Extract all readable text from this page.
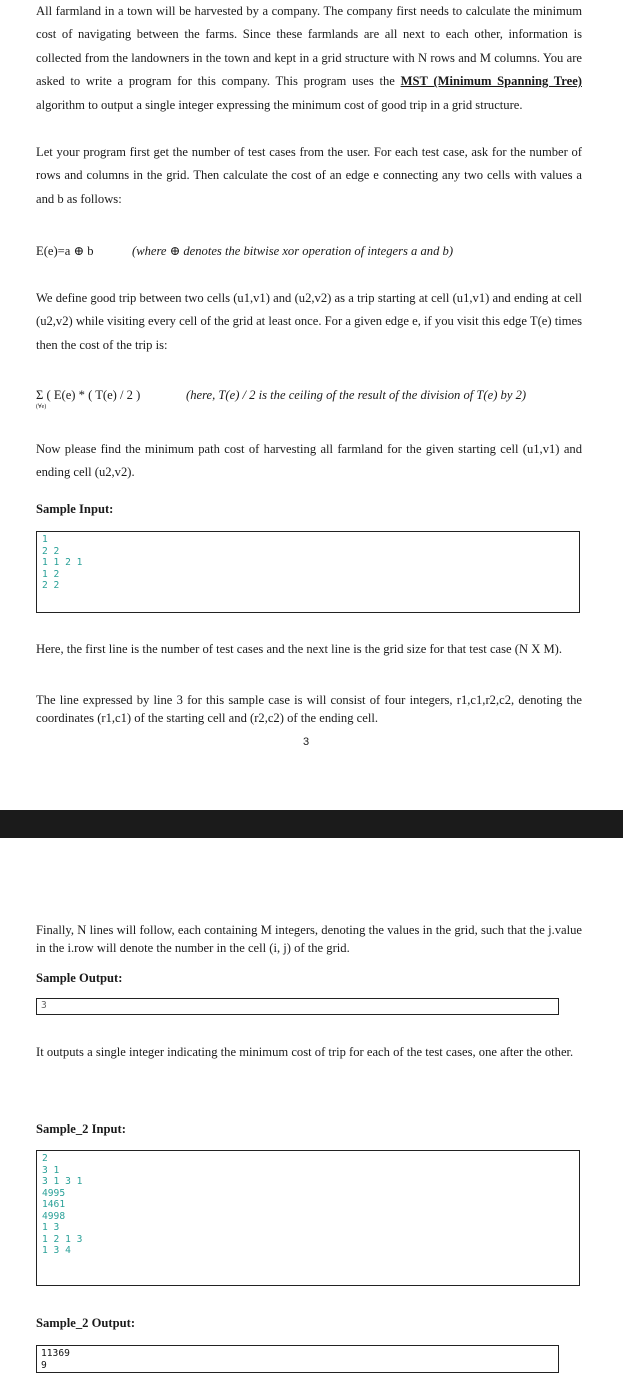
All farmland in a town will be harvested by a company. The company first needs to calculate the minimum cost of navigating between the farms. Since these farmlands are all next to each other, information is collected from the landowners in the town and kept in a grid structure with N rows and M columns. You are asked to write a program for this company. This program uses the MST (Minimum Spanning Tree) algorithm to output a single integer expressing the minimum cost of good trip in a grid structure.

Let your program first get the number of test cases from the user. For each test case, ask for the number of rows and columns in the grid. Then calculate the cost of an edge e connecting any two cells with values a and b as follows:

E(e)=a ⊕ b	(where ⊕ denotes the bitwise xor operation of integers a and b)

We define good trip between two cells (u1,v1) and (u2,v2) as a trip starting at cell (u1,v1) and ending at cell (u2,v2) while visiting every cell of the grid at least once. For a given edge e, if you visit this edge T(e) times then the cost of the trip is:

Σ ( E(e) * ( T(e) / 2 )
(∀e)
(here, T(e) / 2 is the ceiling of the result of the division of T(e) by 2)

Now please find the minimum path cost of harvesting all farmland for the given starting cell (u1,v1) and ending cell (u2,v2).

Sample Input:

1
2 2
1 1 2 1
1 2
2 2

Here, the first line is the number of test cases and the next line is the grid size for that test case (N X M).

The line expressed by line 3 for this sample case is will consist of four integers, r1,c1,r2,c2, denoting the coordinates (r1,c1) of the starting cell and (r2,c2) of the ending cell.

3

Finally, N lines will follow, each containing M integers, denoting the values in the grid, such that the j.value in the i.row will denote the number in the cell (i, j) of the grid.

Sample Output:

3

It outputs a single integer indicating the minimum cost of trip for each of the test cases, one after the other.

Sample_2 Input:

2
3 1
3 1 3 1
4995
1461
4998
1 3
1 2 1 3
1 3 4

Sample_2 Output:

11369
9
